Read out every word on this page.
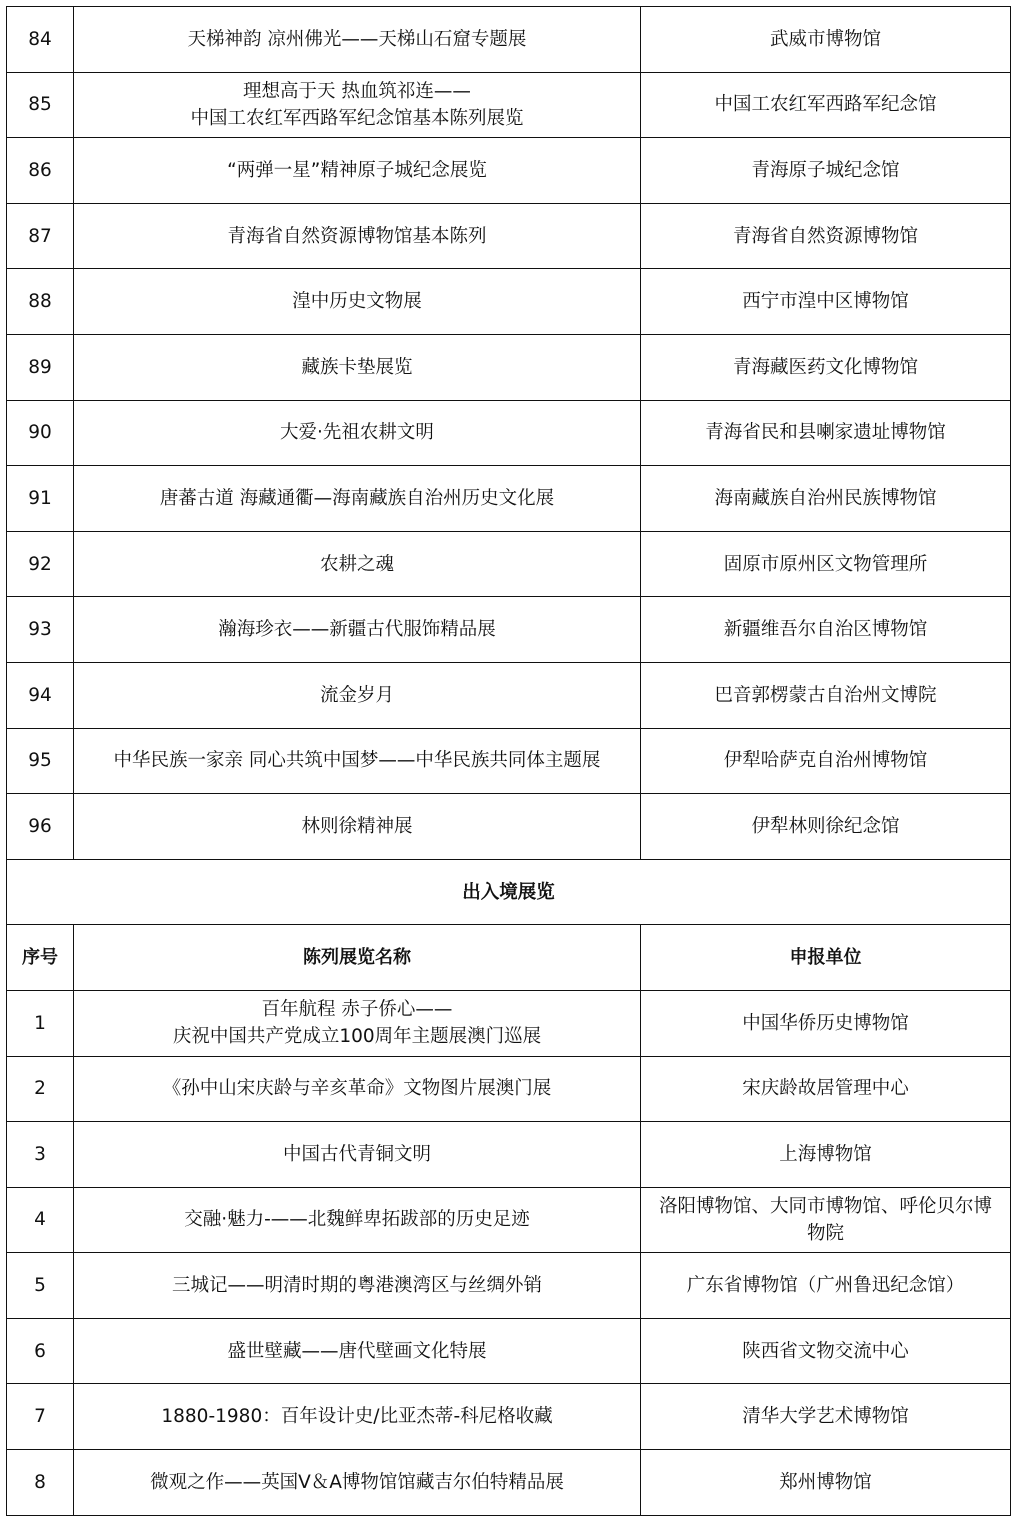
84	天梯神韵 凉州佛光——天梯山石窟专题展	武威市博物馆

85	理想高于天 热血筑祁连——
中国工农红军西路军纪念馆基本陈列展览	中国工农红军西路军纪念馆

86	“两弹一星”精神原子城纪念展览	青海原子城纪念馆

87	青海省自然资源博物馆基本陈列	青海省自然资源博物馆

88	湟中历史文物展	西宁市湟中区博物馆

89	藏族卡垫展览	青海藏医药文化博物馆

90	大爱·先祖农耕文明	青海省民和县喇家遗址博物馆

91	唐蕃古道 海藏通衢—海南藏族自治州历史文化展	海南藏族自治州民族博物馆

92	农耕之魂	固原市原州区文物管理所

93	瀚海珍衣——新疆古代服饰精品展	新疆维吾尔自治区博物馆

94	流金岁月	巴音郭楞蒙古自治州文博院

95	中华民族一家亲 同心共筑中国梦——中华民族共同体主题展	伊犁哈萨克自治州博物馆

96	林则徐精神展	伊犁林则徐纪念馆

出入境展览		
序号	陈列展览名称	申报单位
1	百年航程 赤子侨心——
庆祝中国共产党成立100周年主题展澳门巡展	中国华侨历史博物馆

2	《孙中山宋庆龄与辛亥革命》文物图片展澳门展	宋庆龄故居管理中心

3	中国古代青铜文明	上海博物馆

4	交融·魅力-——北魏鲜卑拓跋部的历史足迹	洛阳博物馆、大同市博物馆、呼伦贝尔博
物院

5	三城记——明清时期的粤港澳湾区与丝绸外销	广东省博物馆（广州鲁迅纪念馆）

6	盛世壁藏——唐代壁画文化特展	陕西省文物交流中心

7	1880-1980：百年设计史/比亚杰蒂-科尼格收藏	清华大学艺术博物馆

8	微观之作——英国V＆A博物馆馆藏吉尔伯特精品展	郑州博物馆
